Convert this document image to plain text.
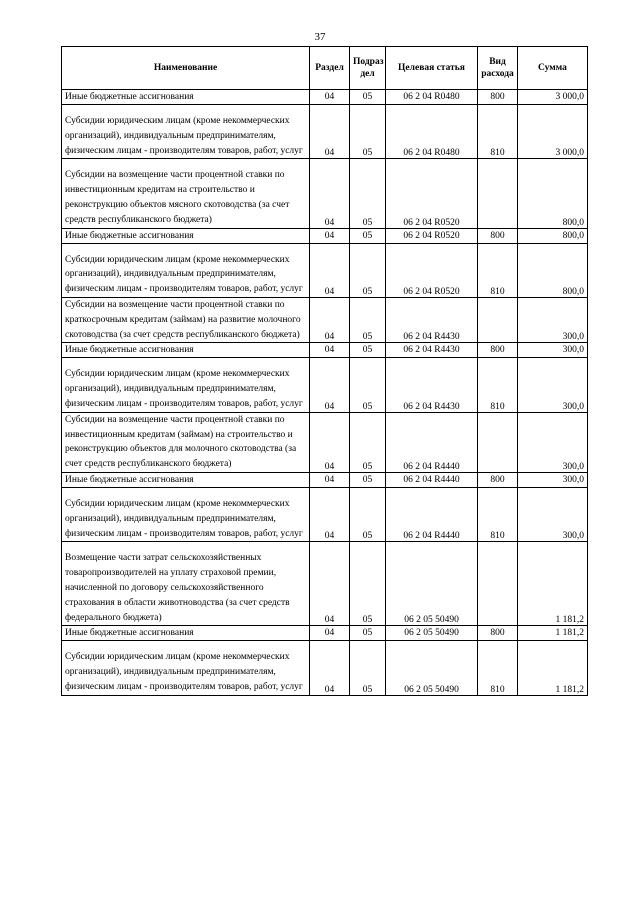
37
Наименование	Раздел	Подраз дел	Целевая статья	Вид расхода	Сумма
Иные бюджетные ассигнования	04	05	06 2 04 R0480	800	3 000,0
Субсидии юридическим лицам (кроме некоммерческих организаций), индивидуальным предпринимателям, физическим лицам - производителям товаров, работ, услуг	04	05	06 2 04 R0480	810	3 000,0
Субсидии на возмещение части процентной ставки по инвестиционным кредитам на строительство и реконструкцию объектов мясного скотоводства (за счет средств республиканского бюджета)	04	05	06 2 04 R0520		800,0
Иные бюджетные ассигнования	04	05	06 2 04 R0520	800	800,0
Субсидии юридическим лицам (кроме некоммерческих организаций), индивидуальным предпринимателям, физическим лицам - производителям товаров, работ, услуг	04	05	06 2 04 R0520	810	800,0
Субсидии на возмещение части процентной ставки по краткосрочным кредитам (займам) на развитие молочного скотоводства (за счет средств республиканского бюджета)	04	05	06 2 04 R4430		300,0
Иные бюджетные ассигнования	04	05	06 2 04 R4430	800	300,0
Субсидии юридическим лицам (кроме некоммерческих организаций), индивидуальным предпринимателям, физическим лицам - производителям товаров, работ, услуг	04	05	06 2 04 R4430	810	300,0
Субсидии на возмещение части процентной ставки по инвестиционным кредитам (займам) на строительство и реконструкцию объектов для молочного скотоводства (за счет средств республиканского бюджета)	04	05	06 2 04 R4440		300,0
Иные бюджетные ассигнования	04	05	06 2 04 R4440	800	300,0
Субсидии юридическим лицам (кроме некоммерческих организаций), индивидуальным предпринимателям, физическим лицам - производителям товаров, работ, услуг	04	05	06 2 04 R4440	810	300,0
Возмещение части затрат сельскохозяйственных товаропроизводителей на уплату страховой премии, начисленной по договору сельскохозяйственного страхования в области животноводства (за счет средств федерального бюджета)	04	05	06 2 05 50490		1 181,2
Иные бюджетные ассигнования	04	05	06 2 05 50490	800	1 181,2
Субсидии юридическим лицам (кроме некоммерческих организаций), индивидуальным предпринимателям, физическим лицам - производителям товаров, работ, услуг	04	05	06 2 05 50490	810	1 181,2
